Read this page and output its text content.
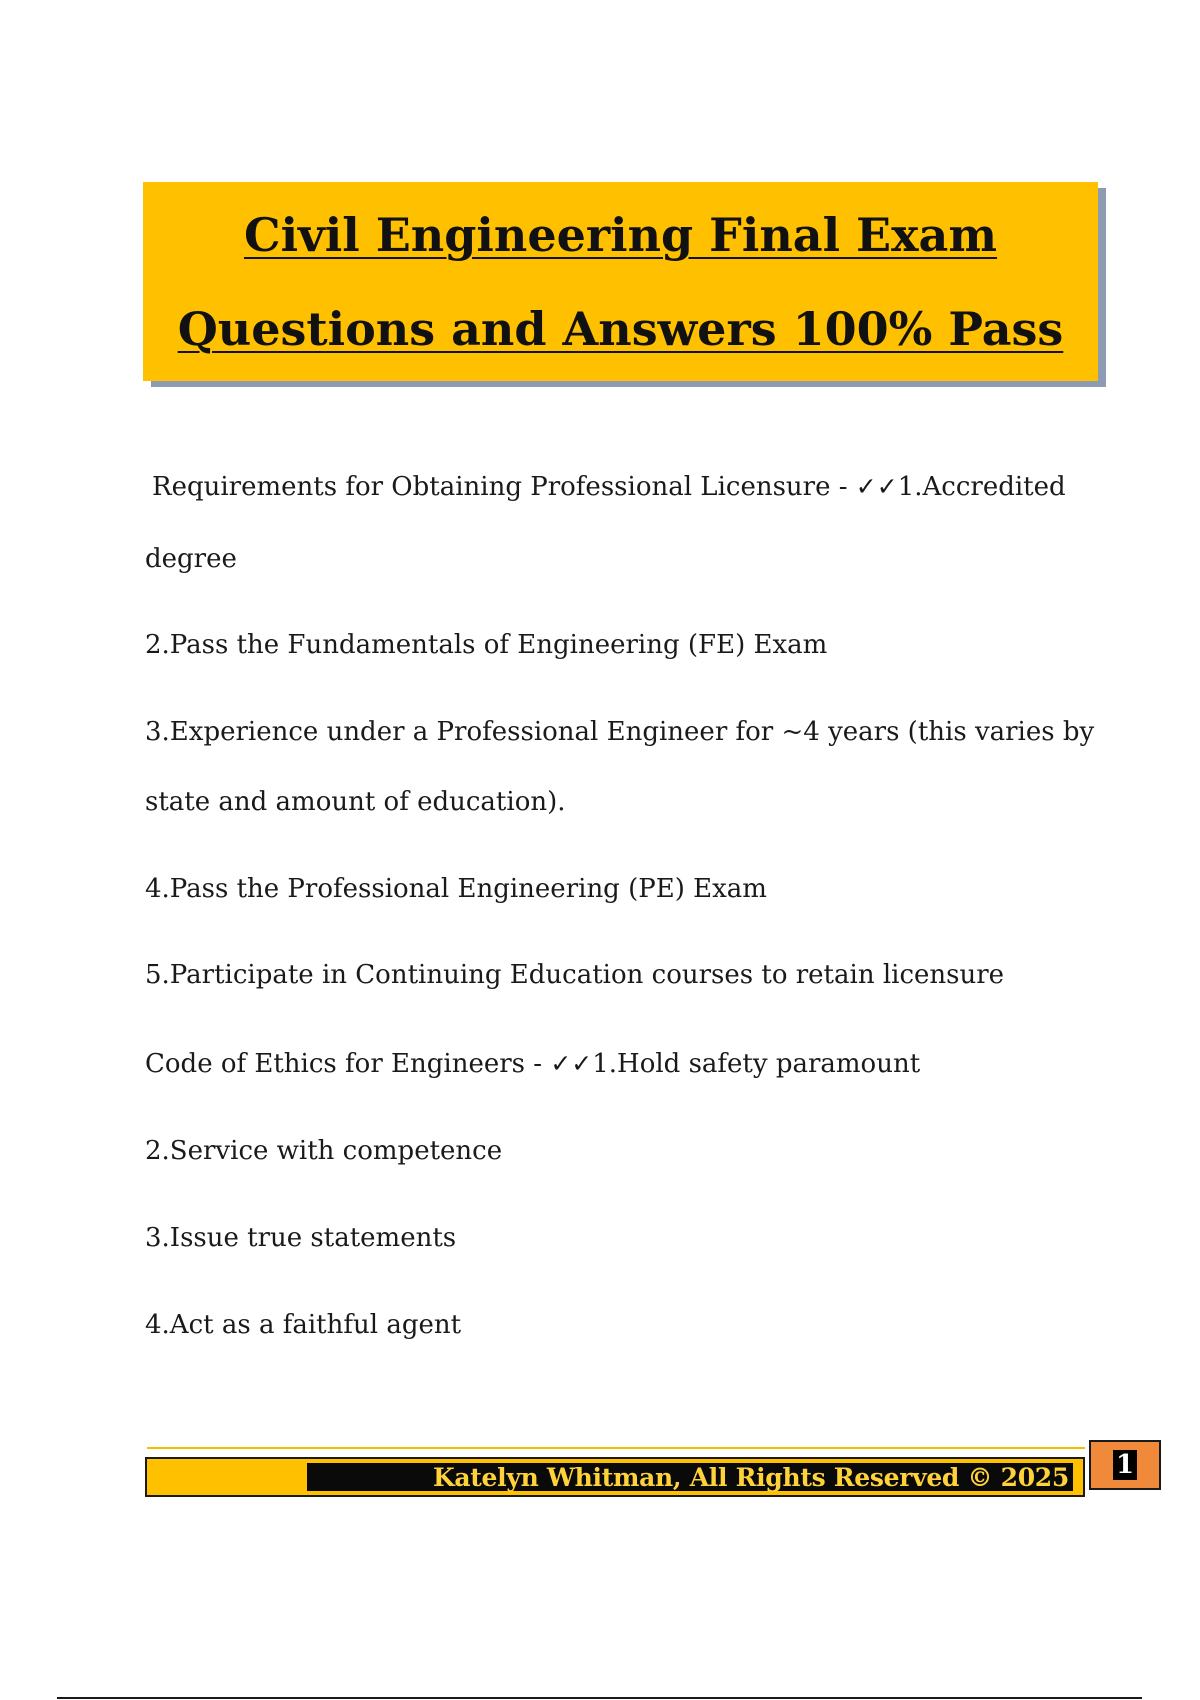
Civil Engineering Final Exam
Questions and Answers 100% Pass
Requirements for Obtaining Professional Licensure - ✓✓1.Accredited
degree
2.Pass the Fundamentals of Engineering (FE) Exam
3.Experience under a Professional Engineer for ~4 years (this varies by
state and amount of education).
4.Pass the Professional Engineering (PE) Exam
5.Participate in Continuing Education courses to retain licensure
Code of Ethics for Engineers - ✓✓1.Hold safety paramount
2.Service with competence
3.Issue true statements
4.Act as a faithful agent
Katelyn Whitman, All Rights Reserved © 2025 1
